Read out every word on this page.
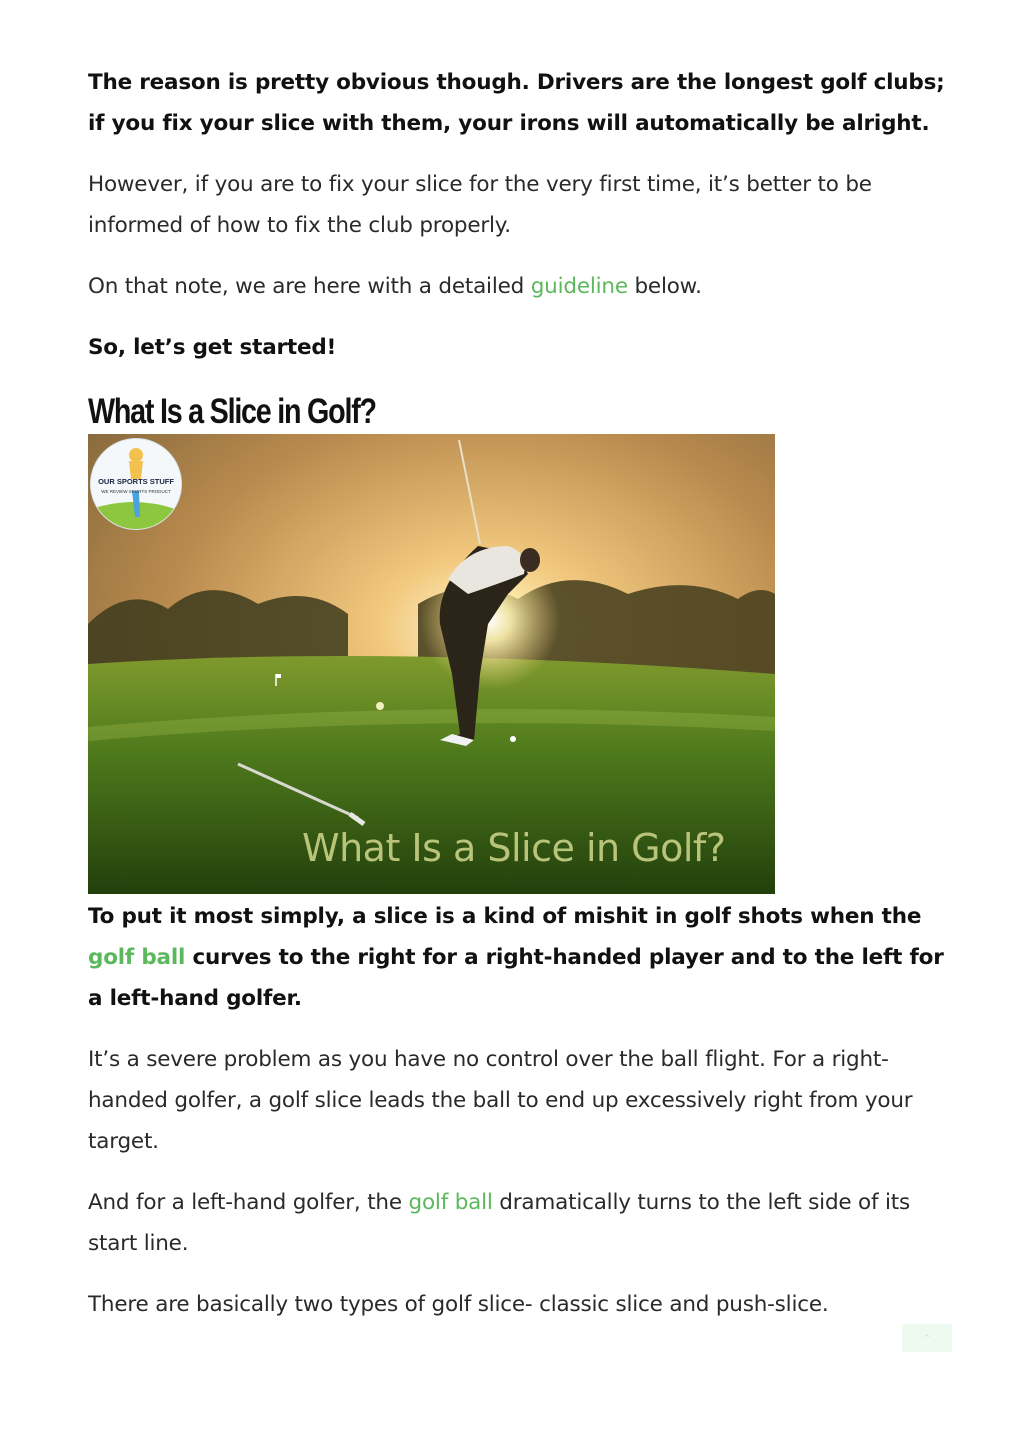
The reason is pretty obvious though. Drivers are the longest golf clubs; if you fix your slice with them, your irons will automatically be alright.

However, if you are to fix your slice for the very first time, it’s better to be informed of how to fix the club properly.

On that note, we are here with a detailed guideline below.

So, let’s get started!

What Is a Slice in Golf?
OUR SPORTS STUFF
WE REVIEW SPORTS PRODUCT
What Is a Slice in Golf?

To put it most simply, a slice is a kind of mishit in golf shots when the golf ball curves to the right for a right-handed player and to the left for a left-hand golfer.

It’s a severe problem as you have no control over the ball flight. For a right-handed golfer, a golf slice leads the ball to end up excessively right from your target.

And for a left-hand golfer, the golf ball dramatically turns to the left side of its start line.

There are basically two types of golf slice- classic slice and push-slice.

⌃
